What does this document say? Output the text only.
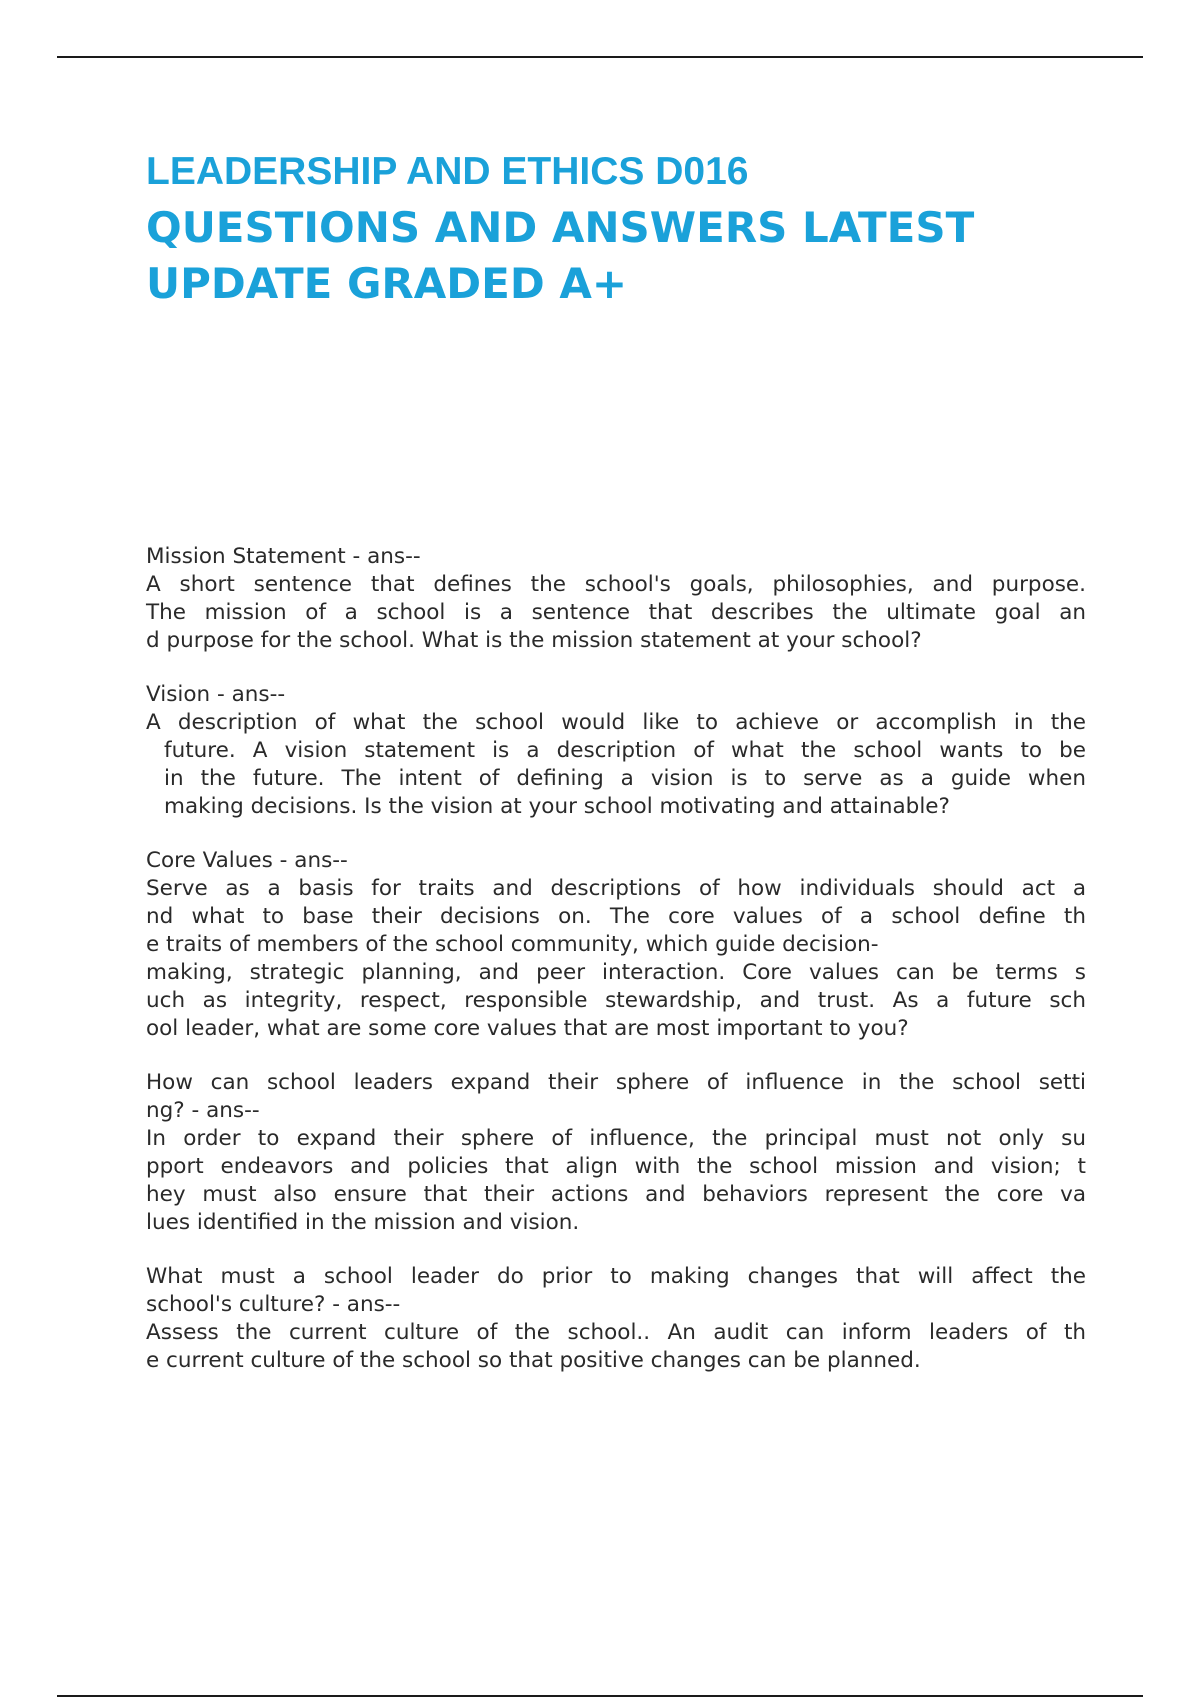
LEADERSHIP AND ETHICS D016
QUESTIONS AND ANSWERS LATEST
UPDATE GRADED A+
Mission Statement - ans--
A short sentence that defines the school's goals, philosophies, and purpose.
The mission of a school is a sentence that describes the ultimate goal an
d purpose for the school. What is the mission statement at your school?
Vision - ans--
A description of what the school would like to achieve or accomplish in the
future. A vision statement is a description of what the school wants to be
in the future. The intent of defining a vision is to serve as a guide when
making decisions. Is the vision at your school motivating and attainable?
Core Values - ans--
Serve as a basis for traits and descriptions of how individuals should act a
nd what to base their decisions on. The core values of a school define th
e traits of members of the school community, which guide decision-
making, strategic planning, and peer interaction. Core values can be terms s
uch as integrity, respect, responsible stewardship, and trust. As a future sch
ool leader, what are some core values that are most important to you?
How can school leaders expand their sphere of influence in the school setti
ng? - ans--
In order to expand their sphere of influence, the principal must not only su
pport endeavors and policies that align with the school mission and vision; t
hey must also ensure that their actions and behaviors represent the core va
lues identified in the mission and vision.
What must a school leader do prior to making changes that will affect the
school's culture? - ans--
Assess the current culture of the school.. An audit can inform leaders of th
e current culture of the school so that positive changes can be planned.
